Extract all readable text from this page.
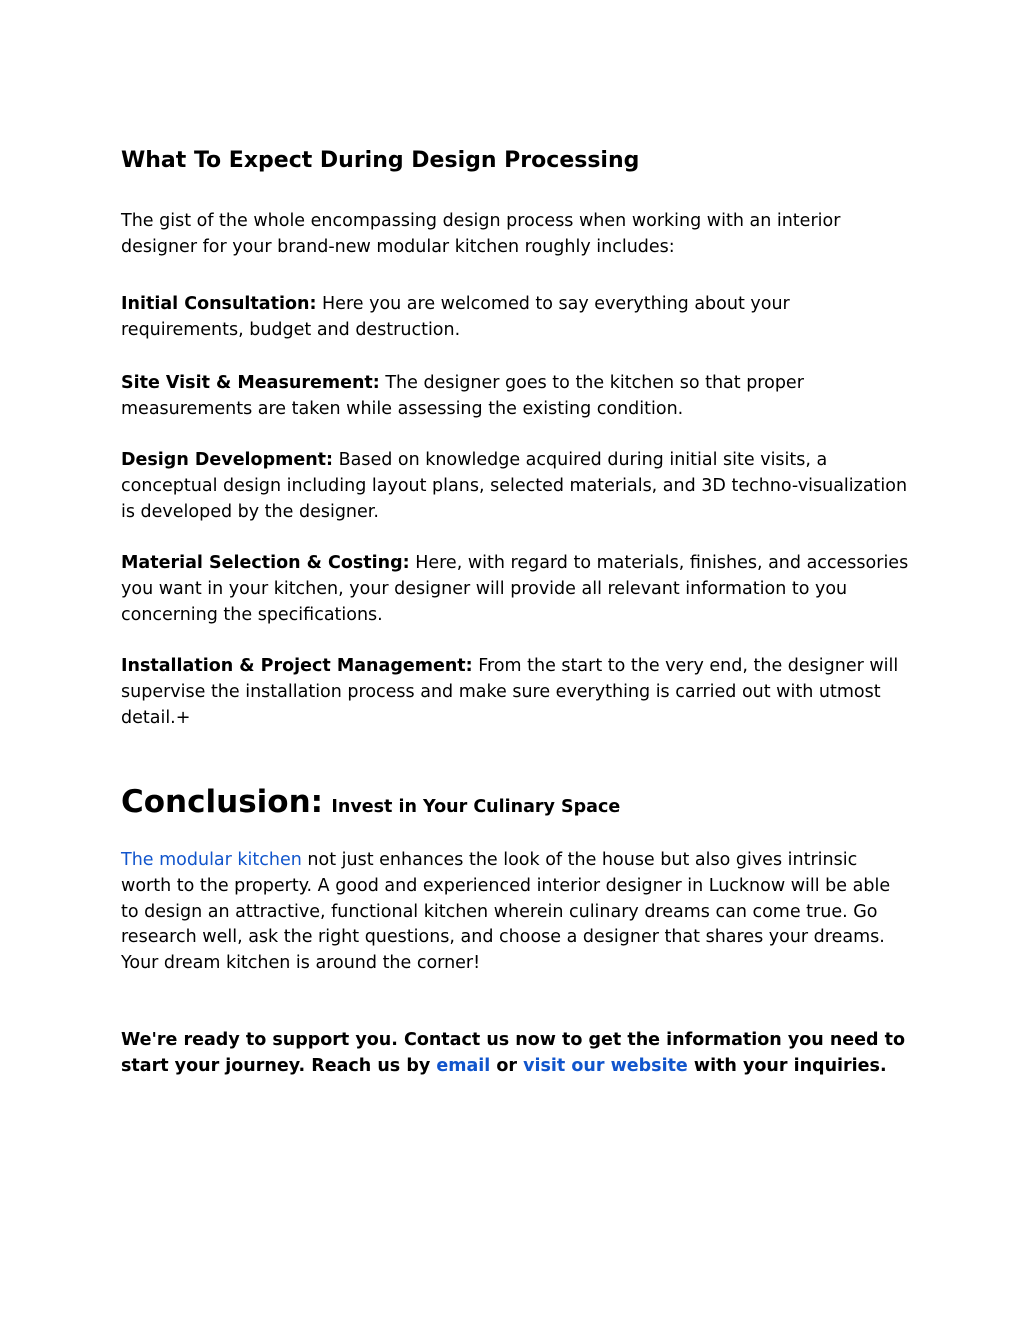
What To Expect During Design Processing

The gist of the whole encompassing design process when working with an interior designer for your brand-new modular kitchen roughly includes:

Initial Consultation: Here you are welcomed to say everything about your requirements, budget and destruction.

Site Visit & Measurement: The designer goes to the kitchen so that proper measurements are taken while assessing the existing condition.

Design Development: Based on knowledge acquired during initial site visits, a conceptual design including layout plans, selected materials, and 3D techno-visualization is developed by the designer.

Material Selection & Costing: Here, with regard to materials, finishes, and accessories you want in your kitchen, your designer will provide all relevant information to you concerning the specifications.

Installation & Project Management: From the start to the very end, the designer will supervise the installation process and make sure everything is carried out with utmost detail.+

Conclusion: Invest in Your Culinary Space

The modular kitchen not just enhances the look of the house but also gives intrinsic worth to the property. A good and experienced interior designer in Lucknow will be able to design an attractive, functional kitchen wherein culinary dreams can come true. Go research well, ask the right questions, and choose a designer that shares your dreams. Your dream kitchen is around the corner!

We're ready to support you. Contact us now to get the information you need to start your journey. Reach us by email or visit our website with your inquiries.
